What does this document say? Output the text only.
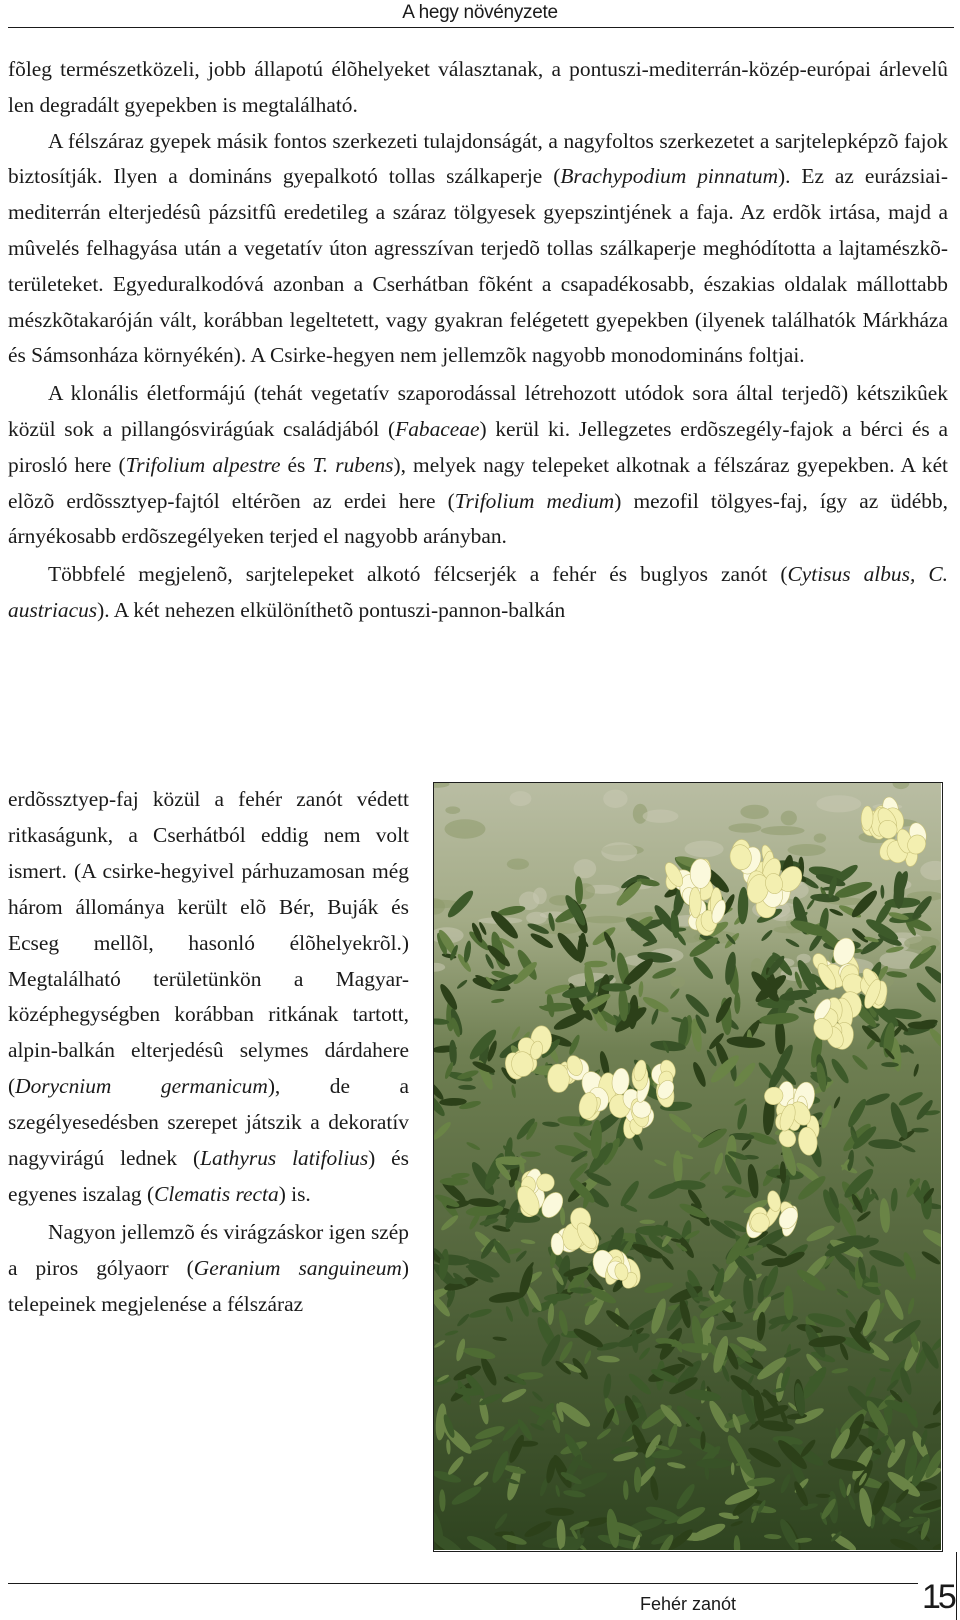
A hegy növényzete

fõleg természetközeli, jobb állapotú élõhelyeket választanak, a pontuszi-mediterrán-közép-európai árlevelû len degradált gyepekben is megtalálható.

A félszáraz gyepek másik fontos szerkezeti tulajdonságát, a nagyfoltos szerkezetet a sarjtelepképzõ fajok biztosítják. Ilyen a domináns gyepalkotó tollas szálkaperje (Brachypodium pinnatum). Ez az eurázsiai-mediterrán elterjedésû pázsitfû eredetileg a száraz tölgyesek gyepszintjének a faja. Az erdõk irtása, majd a mûvelés felhagyása után a vegetatív úton agresszívan terjedõ tollas szálkaperje meghódította a lajtamészkõ-területeket. Egyeduralkodóvá azonban a Cserhátban fõként a csapadékosabb, északias oldalak mállottabb mészkõtakaróján vált, korábban legeltetett, vagy gyakran felégetett gyepekben (ilyenek találhatók Márkháza és Sámsonháza környékén). A Csirke-hegyen nem jellemzõk nagyobb monodomináns foltjai.

A klonális életformájú (tehát vegetatív szaporodással létrehozott utódok sora által terjedõ) kétszikûek közül sok a pillangósvirágúak családjából (Fabaceae) kerül ki. Jellegzetes erdõszegély-fajok a bérci és a pirosló here (Trifolium alpestre és T. rubens), melyek nagy telepeket alkotnak a félszáraz gyepekben. A két elõzõ erdõssztyep-fajtól eltérõen az erdei here (Trifolium medium) mezofil tölgyes-faj, így az üdébb, árnyékosabb erdõszegélyeken terjed el nagyobb arányban.

Többfelé megjelenõ, sarjtelepeket alkotó félcserjék a fehér és buglyos zanót (Cytisus albus, C. austriacus). A két nehezen elkülöníthetõ pontuszi-pannon-balkán

erdõssztyep-faj közül a fehér zanót védett ritkaságunk, a Cserhátból eddig nem volt ismert. (A csirke-hegyivel párhuzamosan még három állománya került elõ Bér, Buják és Ecseg mellõl, hasonló élõhelyekrõl.) Megtalálható területünkön a Magyar-középhegységben korábban ritkának tartott, alpin-balkán elterjedésû selymes dárdahere (Dorycnium germanicum), de a szegélyesedésben szerepet játszik a dekoratív nagyvirágú lednek (Lathyrus latifolius) és egyenes iszalag (Clematis recta) is.

Nagyon jellemzõ és virágzáskor igen szép a piros gólyaorr (Geranium sanguineum) telepeinek megjelenése a félszáraz

15
Fehér zanót
